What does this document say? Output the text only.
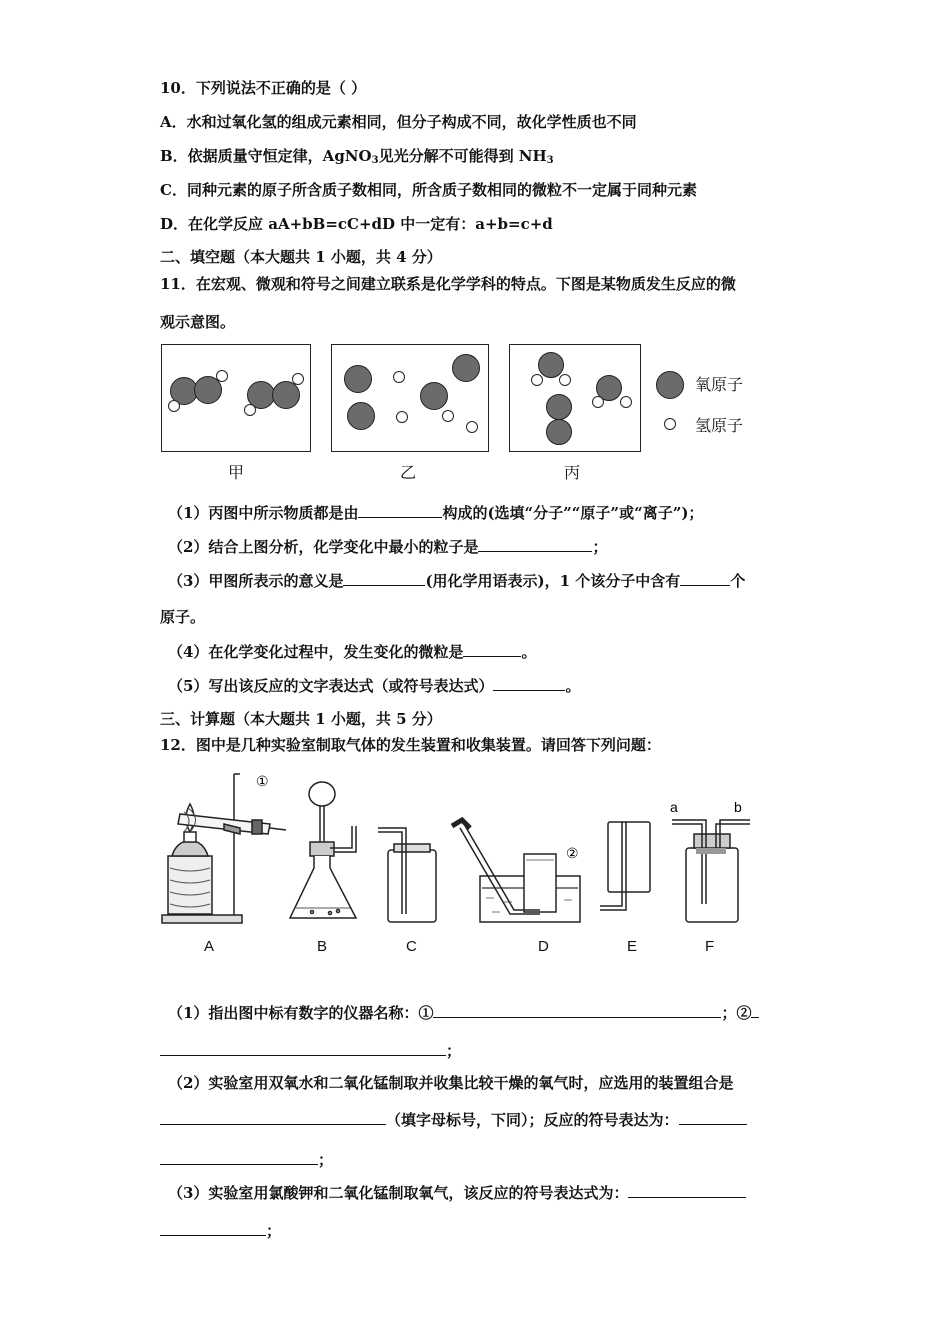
10．下列说法不正确的是（ ）
A．水和过氧化氢的组成元素相同，但分子构成不同，故化学性质也不同
B．依据质量守恒定律，AgNO$_3$见光分解不可能得到 $NH_3$
C．同种元素的原子所含质子数相同，所含质子数相同的微粒不一定属于同种元素
D．在化学反应 aA+bB=cC+dD 中一定有：a+b=c+d
二、填空题（本大题共 1 小题，共 4 分）
11．在宏观、微观和符号之间建立联系是化学学科的特点。下图是某物质发生反应的微
观示意图。
甲	乙	丙
氧原子
氢原子
（1）丙图中所示物质都是由	构成的(选填“分子”“原子”或“离子”)；
（2）结合上图分析，化学变化中最小的粒子是	；
（3）甲图所表示的意义是	(用化学用语表示)，1 个该分子中含有	个
原子。
（4）在化学变化过程中，发生变化的微粒是	。
（5）写出该反应的文字表达式（或符号表达式）	。
三、计算题（本大题共 1 小题，共 5 分）
12．图中是几种实验室制取气体的发生装置和收集装置。请回答下列问题：
①
②
a	b
A	B	C	D	E	F
（1）指出图中标有数字的仪器名称：①	；②
；
（2）实验室用双氧水和二氧化锰制取并收集比较干燥的氧气时，应选用的装置组合是
（填字母标号，下同）；反应的符号表达为：
；
（3）实验室用氯酸钾和二氧化锰制取氧气，该反应的符号表达式为：
；
